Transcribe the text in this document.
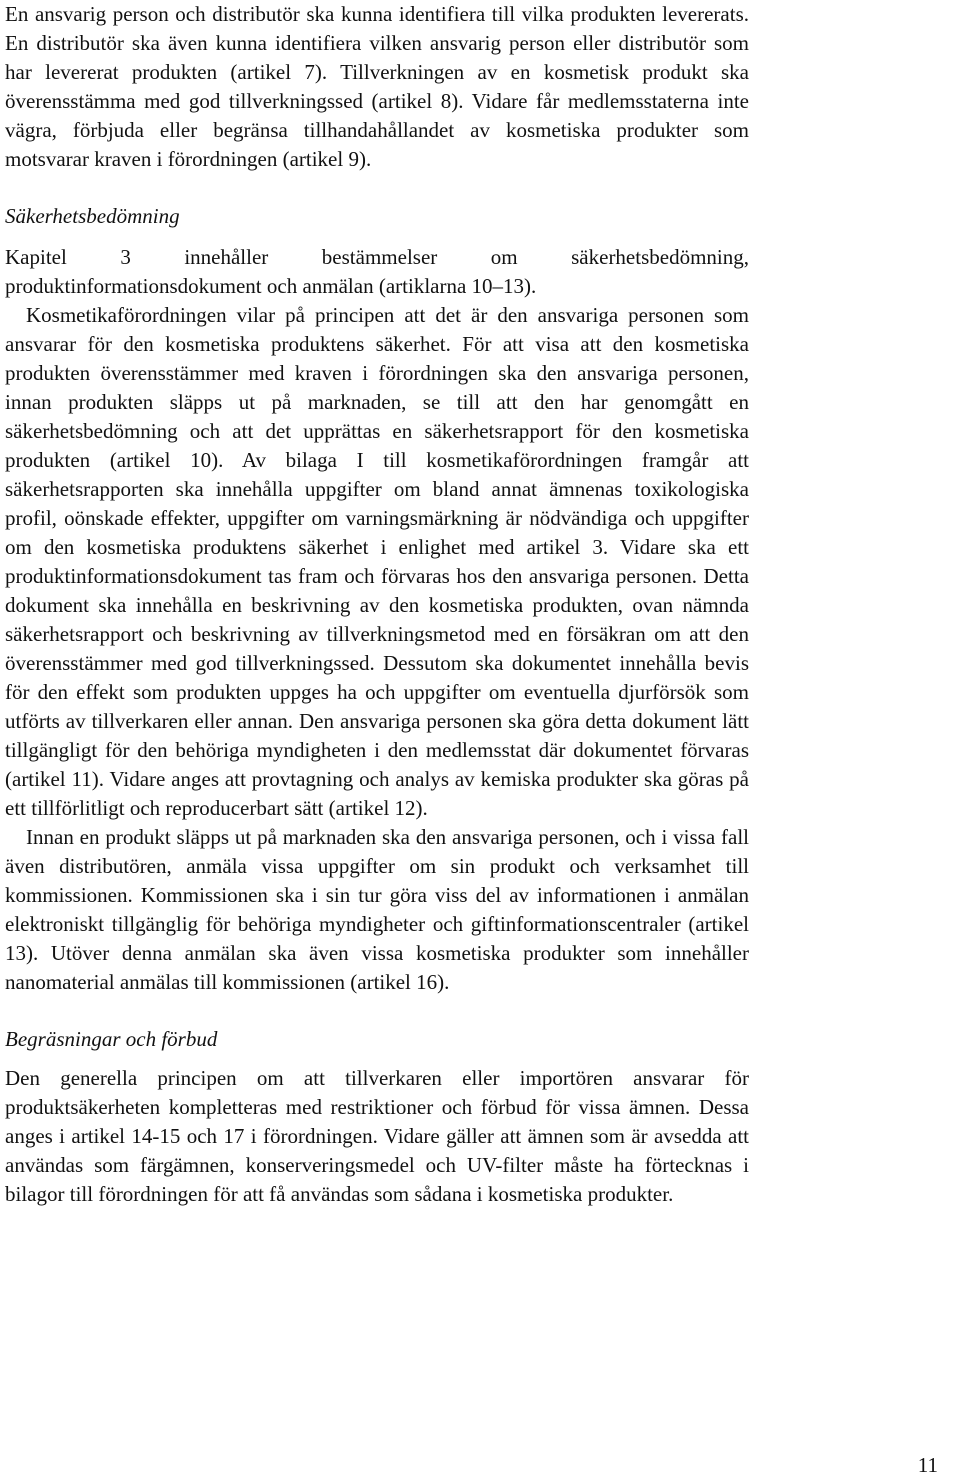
En ansvarig person och distributör ska kunna identifiera till vilka produkten levererats. En distributör ska även kunna identifiera vilken ansvarig person eller distributör som har levererat produkten (artikel 7). Tillverkningen av en kosmetisk produkt ska överensstämma med god tillverkningssed (artikel 8). Vidare får medlemsstaterna inte vägra, förbjuda eller begränsa tillhandahållandet av kosmetiska produkter som motsvarar kraven i förordningen (artikel 9).

Säkerhetsbedömning

Kapitel 3 innehåller bestämmelser om säkerhetsbedömning, produktinformationsdokument och anmälan (artiklarna 10–13).

Kosmetikaförordningen vilar på principen att det är den ansvariga personen som ansvarar för den kosmetiska produktens säkerhet. För att visa att den kosmetiska produkten överensstämmer med kraven i förordningen ska den ansvariga personen, innan produkten släpps ut på marknaden, se till att den har genomgått en säkerhetsbedömning och att det upprättas en säkerhetsrapport för den kosmetiska produkten (artikel 10). Av bilaga I till kosmetikaförordningen framgår att säkerhetsrapporten ska innehålla uppgifter om bland annat ämnenas toxikologiska profil, oönskade effekter, uppgifter om varningsmärkning är nödvändiga och uppgifter om den kosmetiska produktens säkerhet i enlighet med artikel 3. Vidare ska ett produktinformationsdokument tas fram och förvaras hos den ansvariga personen. Detta dokument ska innehålla en beskrivning av den kosmetiska produkten, ovan nämnda säkerhetsrapport och beskrivning av tillverkningsmetod med en försäkran om att den överensstämmer med god tillverkningssed. Dessutom ska dokumentet innehålla bevis för den effekt som produkten uppges ha och uppgifter om eventuella djurförsök som utförts av tillverkaren eller annan. Den ansvariga personen ska göra detta dokument lätt tillgängligt för den behöriga myndigheten i den medlemsstat där dokumentet förvaras (artikel 11). Vidare anges att provtagning och analys av kemiska produkter ska göras på ett tillförlitligt och reproducerbart sätt (artikel 12).

Innan en produkt släpps ut på marknaden ska den ansvariga personen, och i vissa fall även distributören, anmäla vissa uppgifter om sin produkt och verksamhet till kommissionen. Kommissionen ska i sin tur göra viss del av informationen i anmälan elektroniskt tillgänglig för behöriga myndigheter och giftinformationscentraler (artikel 13). Utöver denna anmälan ska även vissa kosmetiska produkter som innehåller nanomaterial anmälas till kommissionen (artikel 16).

Begräsningar och förbud

Den generella principen om att tillverkaren eller importören ansvarar för produktsäkerheten kompletteras med restriktioner och förbud för vissa ämnen. Dessa anges i artikel 14-15 och 17 i förordningen. Vidare gäller att ämnen som är avsedda att användas som färgämnen, konserveringsmedel och UV-filter måste ha förtecknas i bilagor till förordningen för att få användas som sådana i kosmetiska produkter.

11
